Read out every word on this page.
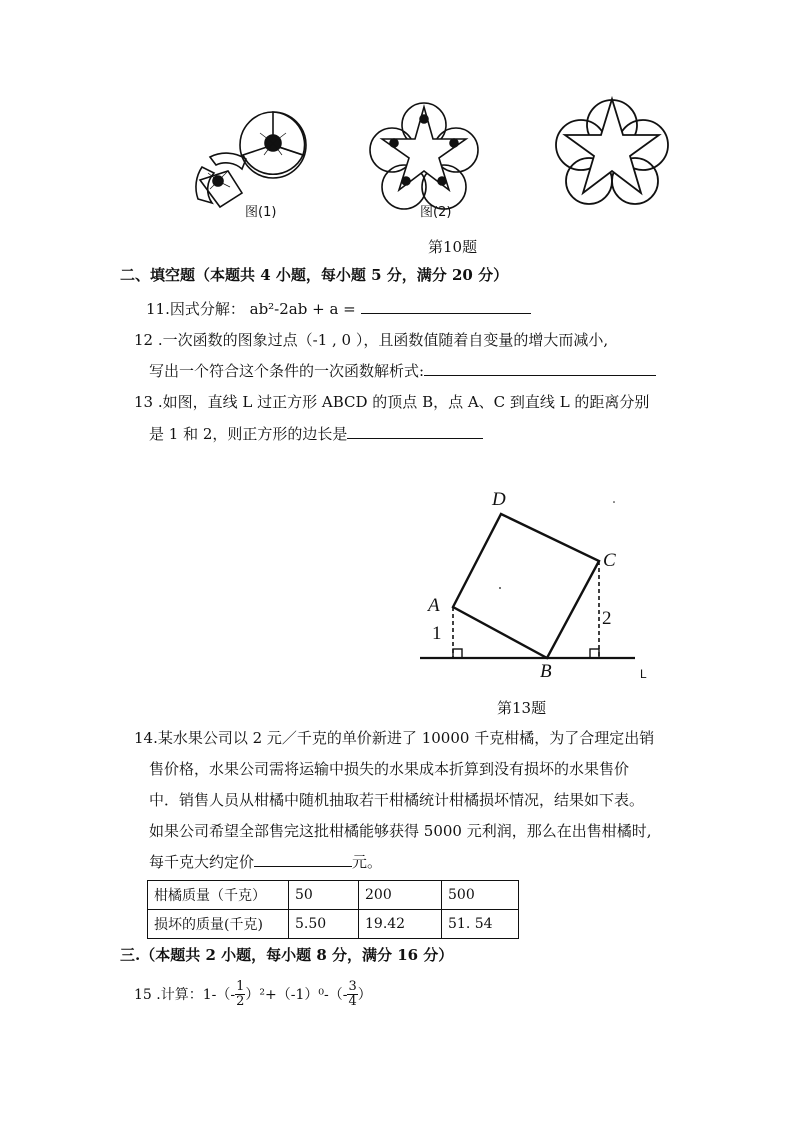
图(1)	图(2)
第10题
二、填空题（本题共 4 小题，每小题 5 分，满分 20 分）
11.因式分解： ab²-2ab + a =
12 .一次函数的图象过点（-1 , 0 ），且函数值随着自变量的增大而减小,
写出一个符合这个条件的一次函数解析式:
13 .如图，直线 L 过正方形 ABCD 的顶点 B，点 A、C 到直线 L 的距离分别
是 1 和 2，则正方形的边长是
D
C
A
1
2
B	L
第13题
14.某水果公司以 2 元／千克的单价新进了 10000 千克柑橘，为了合理定出销
售价格，水果公司需将运输中损失的水果成本折算到没有损坏的水果售价
中．销售人员从柑橘中随机抽取若干柑橘统计柑橘损坏情况，结果如下表。
如果公司希望全部售完这批柑橘能够获得 5000 元利润，那么在出售柑橘时,
每千克大约定价	元。
柑橘质量（千克）	50	200	500
损坏的质量(千克)	5.50	19.42	51. 54
三.（本题共 2 小题，每小题 8 分，满分 16 分）
15 .计算：$1-(- \frac{1}{2} )^2+(-1)^0-(- \frac{3}{4}$ ）
